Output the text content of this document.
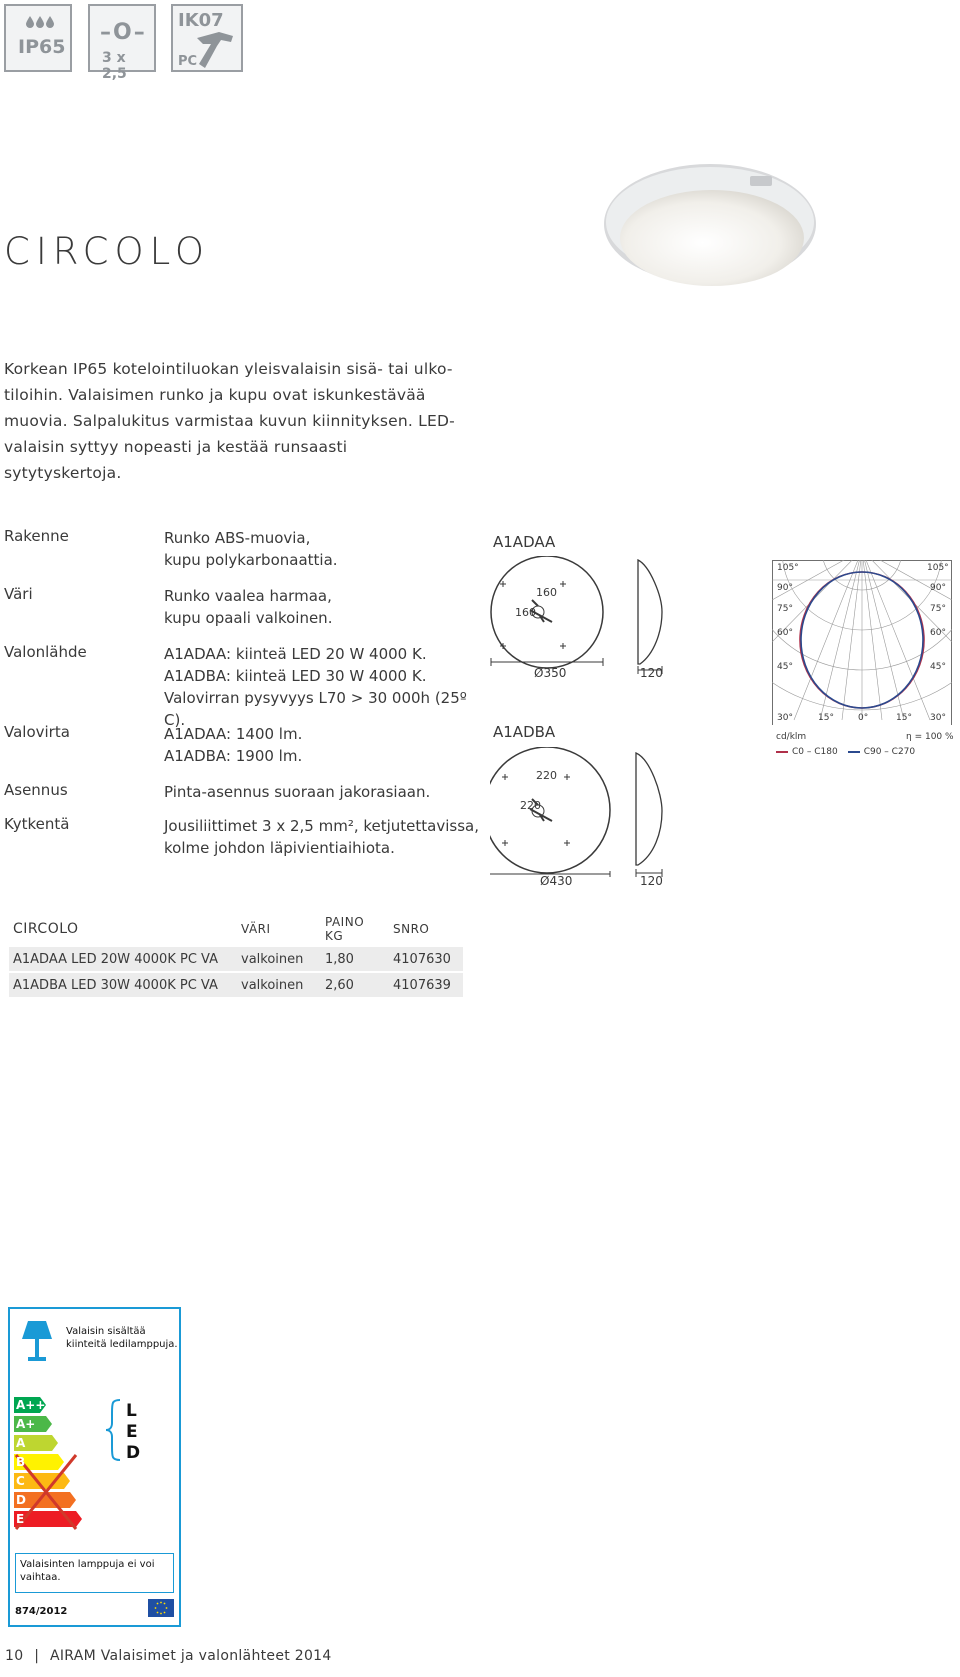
IP65
–O–
3 x 2,5
IK07
PC
CIRCOLO
Korkean IP65 kotelointiluokan yleisvalaisin sisä- tai ulko-
tiloihin. Valaisimen runko ja kupu ovat iskunkestävää
muovia. Salpalukitus varmistaa kuvun kiinnityksen. LED-
valaisin syttyy nopeasti ja kestää runsaasti sytytyskertoja.
Rakenne	Runko ABS-muovia,
kupu polykarbonaattia.
Väri	Runko vaalea harmaa,
kupu opaali valkoinen.
Valonlähde	A1ADAA: kiinteä LED 20 W 4000 K.
A1ADBA: kiinteä LED 30 W 4000 K.
Valovirran pysyvyys L70 > 30 000h (25º C).
Valovirta	A1ADAA: 1400 lm.
A1ADBA: 1900 lm.
Asennus	Pinta-asennus suoraan jakorasiaan.
Kytkentä	Jousiliittimet 3 x 2,5 mm², ketjutettavissa,
kolme johdon läpivientiaihiota.
A1ADAA
160
160
Ø350	120
A1ADBA
220
220
Ø430	120
105°
90°
75°
60°
45°
30°
105°
90°
75°
60°
45°
30°
15°	0°	15°
cd/klm	η = 100 %
C0 – C180	C90 – C270
CIRCOLO	VÄRI	PAINO KG	SNRO
A1ADAA LED 20W 4000K PC VA	valkoinen	1,80	4107630
A1ADBA LED 30W 4000K PC VA	valkoinen	2,60	4107639
Valaisin sisältää kiinteitä ledilamppuja.
A++
A+
A
B
C
D
E
L
E
D
Valaisinten lamppuja ei voi vaihtaa.
874/2012
10 | AIRAM Valaisimet ja valonlähteet 2014
